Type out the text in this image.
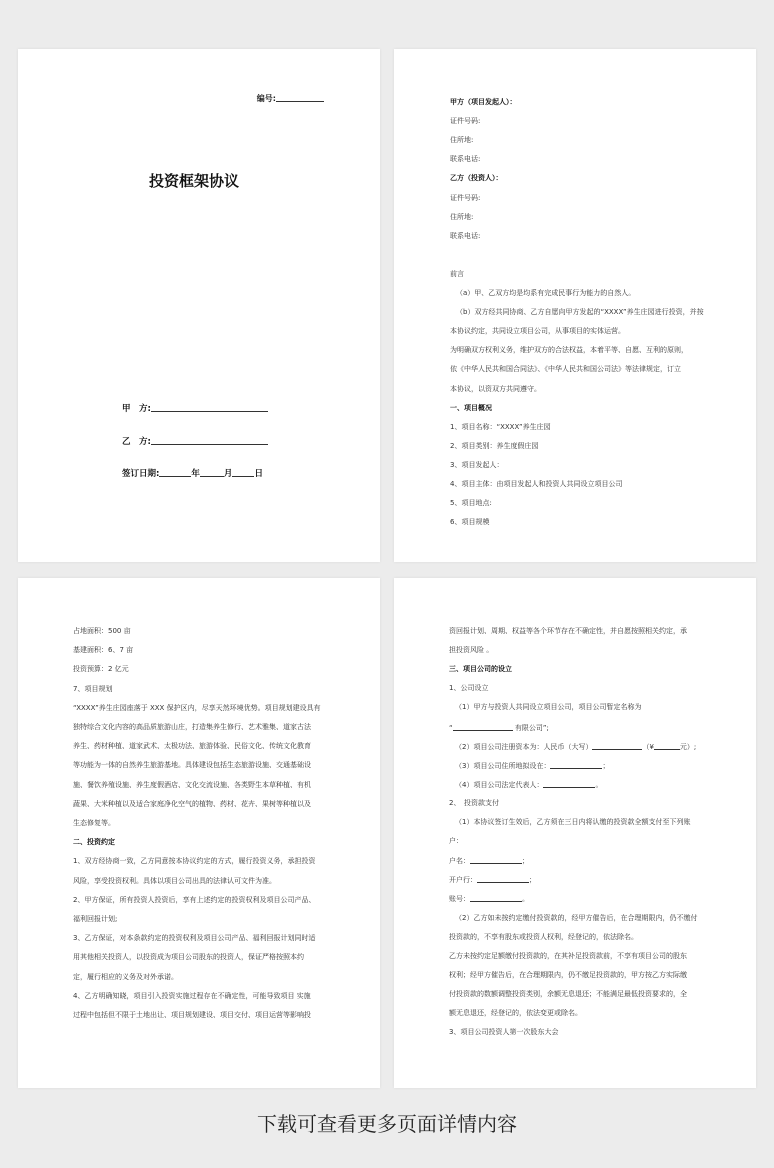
编号:
投资框架协议
甲　方:
乙　方:
签订日期:	年	月	日
甲方（项目发起人）：
证件号码:
住所地:
联系电话:
乙方（投资人）：
证件号码:
住所地:
联系电话:
前言
（a）甲、乙双方均是均系有完成民事行为能力的自然人。
（b）双方经共同协商、乙方自愿向甲方发起的“XXXX”养生庄园进行投资，并按
本协议约定，共同设立项目公司，从事项目的实体运营。
为明确双方权利义务，维护双方的合法权益，本着平等、自愿、互利的原则，
依《中华人民共和国合同法》、《中华人民共和国公司法》等法律规定，订立
本协议，以资双方共同遵守。
一、项目概况
1、项目名称：“XXXX”养生庄园
2、项目类别：养生度假庄园
3、项目发起人：
4、项目主体：由项目发起人和投资人共同设立项目公司
5、项目地点:
6、项目规模
占地面积：500 亩
基建面积：6、7 亩
投资预算：2 亿元
7、项目规划
“XXXX”养生庄园座落于 XXX 保护区内，尽享天然环境优势。项目规划建设具有
独特综合文化内容的高品质旅游山庄，打造集养生修行、艺术雅集、道家古法
养生、药材种植、道家武术、太极功法、旅游体验、民俗文化、传统文化教育
等功能为一体的自然养生旅游基地。具体建设包括生态旅游设施、交通基础设
施、餐饮养殖设施、养生度假酒店、文化交流设施、各类野生本草种植、有机
蔬果、大米种植以及适合家庭净化空气的植物、药材、花卉、果树等种植以及
生态修复等。
二、投资约定
1、双方经协商一致，乙方同意按本协议约定的方式，履行投资义务，承担投资
风险，享受投资权利。具体以项目公司出具的法律认可文件为准。
2、甲方保证，所有投资人投资后，享有上述约定的投资权利及项目公司产品、
福利回报计划;
3、乙方保证，对本条款约定的投资权利及项目公司产品、福利回报计划同时适
用其他相关投资人，以投资成为项目公司股东的投资人，保证严格按照本约
定，履行相应的义务及对外承诺。
4、乙方明确知晓，项目引入投资实施过程存在不确定性，可能导致项目 实施
过程中包括但不限于土地出让、项目规划建设、项目交付、项目运营等影响投
资回报计划、周期、权益等各个环节存在不确定性，并自愿按照相关约定，承
担投资风险 。
三、项目公司的设立
1、公司设立
（1）甲方与投资人共同设立项目公司，项目公司暂定名称为
“	有限公司”;
（2）项目公司注册资本为：人民币（大写）	（¥	元）;
（3）项目公司住所地拟设在：	；
（4）项目公司法定代表人：	。
2、　投资款支付
（1）本协议签订生效后，乙方须在三日内将认缴的投资款全额支付至下列账
户：
户名：	；
开户行：	；
账号：	。
（2）乙方如未按约定缴付投资款的，经甲方催告后，在合理期限内，仍不缴付
投资款的，不享有股东或投资人权利，经登记的，依法除名。
乙方未按约定足额缴付投资款的，在其补足投资款前，不享有项目公司的股东
权利；经甲方催告后，在合理期限内，仍不缴足投资款的，甲方按乙方实际缴
付投资款的数额调整投资类别，余额无息退还；不能满足最低投资要求的，全
额无息退还，经登记的，依法变更或除名。
3、项目公司投资人第一次股东大会
下载可查看更多页面详情内容
